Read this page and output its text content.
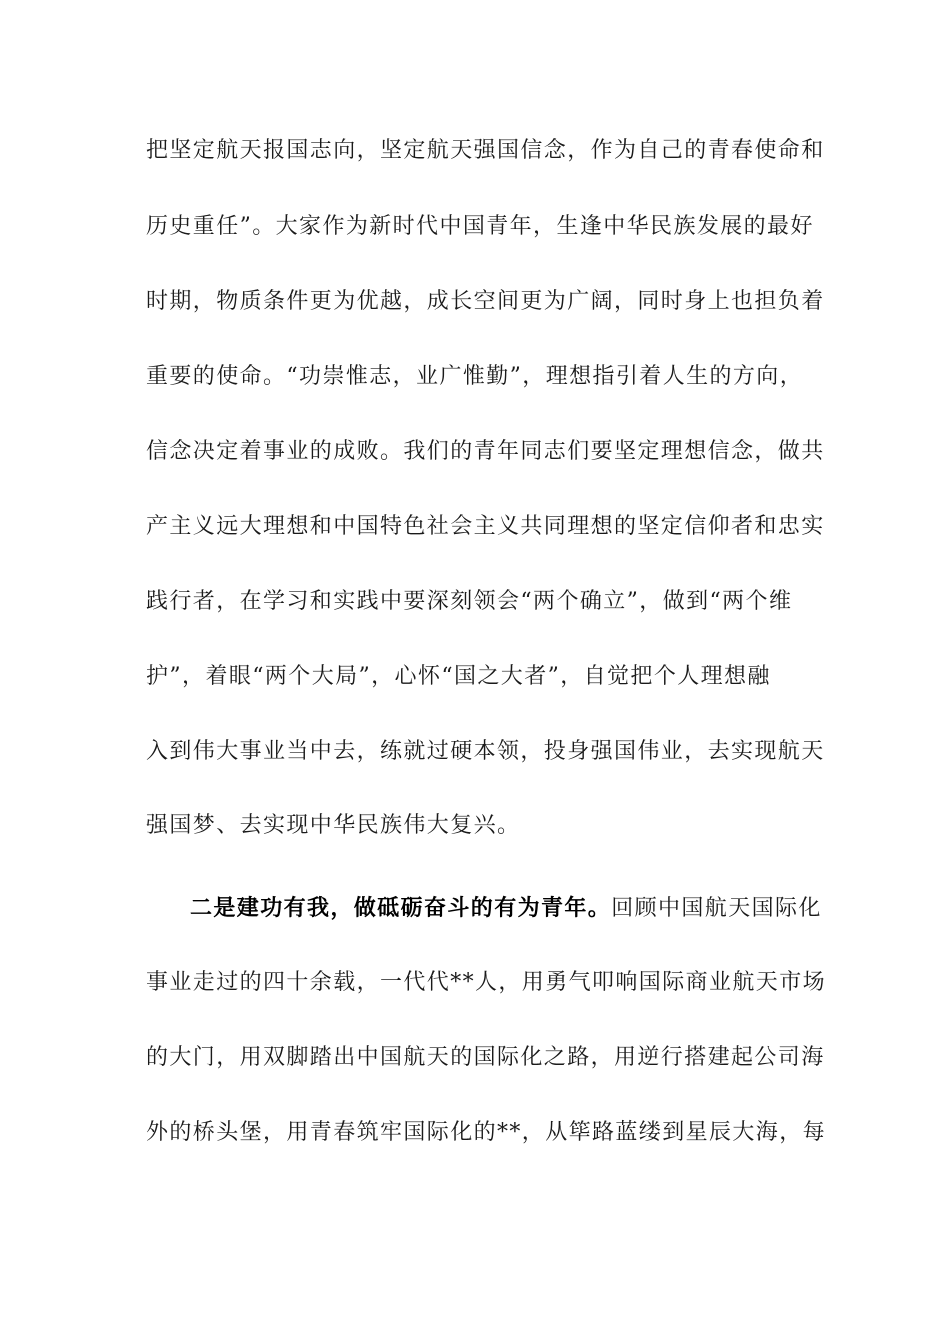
把坚定航天报国志向，坚定航天强国信念，作为自己的青春使命和
历史重任”。大家作为新时代中国青年，生逢中华民族发展的最好
时期，物质条件更为优越，成长空间更为广阔，同时身上也担负着
重要的使命。“功崇惟志，业广惟勤”，理想指引着人生的方向，
信念决定着事业的成败。我们的青年同志们要坚定理想信念，做共
产主义远大理想和中国特色社会主义共同理想的坚定信仰者和忠实
践行者，在学习和实践中要深刻领会“两个确立”，做到“两个维
护”，着眼“两个大局”，心怀“国之大者”，自觉把个人理想融
入到伟大事业当中去，练就过硬本领，投身强国伟业，去实现航天
强国梦、去实现中华民族伟大复兴。
二是建功有我，做砥砺奋斗的有为青年。回顾中国航天国际化
事业走过的四十余载，一代代**人，用勇气叩响国际商业航天市场
的大门，用双脚踏出中国航天的国际化之路，用逆行搭建起公司海
外的桥头堡，用青春筑牢国际化的**，从筚路蓝缕到星辰大海，每
